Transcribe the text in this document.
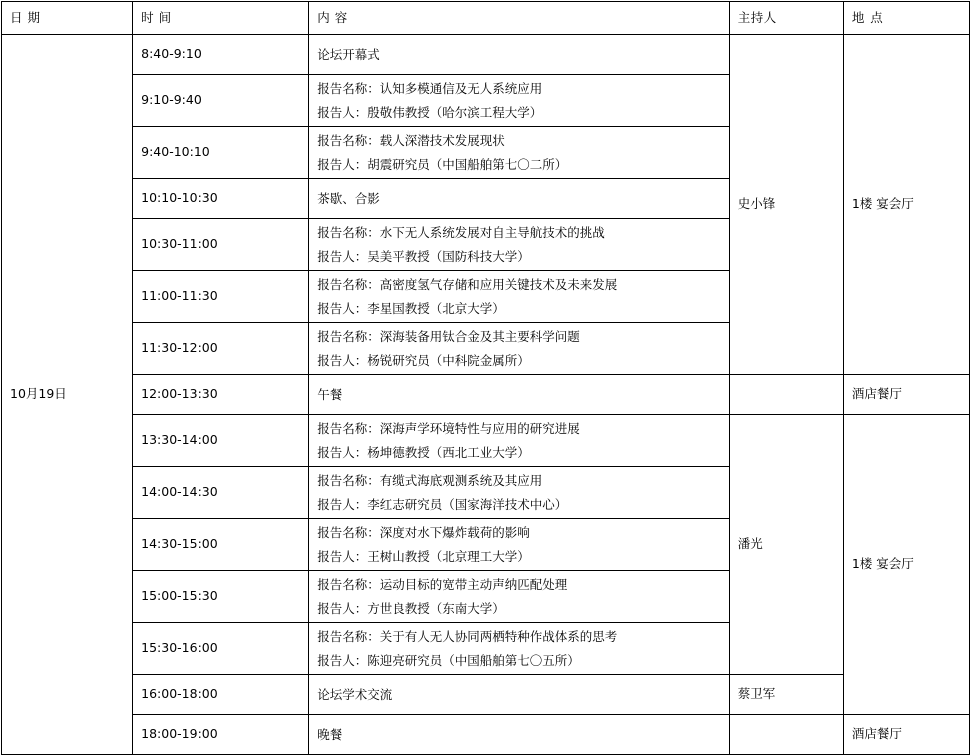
日 期	时 间	内 容	主持人	地 点
10月19日	8:40-9:10	论坛开幕式	史小锋	1楼 宴会厅
	9:10-9:40	报告名称：认知多模通信及无人系统应用
报告人：殷敬伟教授（哈尔滨工程大学）		

	9:40-10:10	报告名称：载人深潜技术发展现状
报告人：胡震研究员（中国船舶第七〇二所）		

	10:10-10:30	茶歇、合影		

	10:30-11:00	报告名称：水下无人系统发展对自主导航技术的挑战
报告人：吴美平教授（国防科技大学）		

	11:00-11:30	报告名称：高密度氢气存储和应用关键技术及未来发展
报告人：李星国教授（北京大学）		

	11:30-12:00	报告名称：深海装备用钛合金及其主要科学问题
报告人：杨锐研究员（中科院金属所）		

	12:00-13:30	午餐		酒店餐厅
	13:30-14:00	报告名称：深海声学环境特性与应用的研究进展
报告人：杨坤德教授（西北工业大学）	潘光	1楼 宴会厅
	14:00-14:30	报告名称：有缆式海底观测系统及其应用
报告人：李红志研究员（国家海洋技术中心）		

	14:30-15:00	报告名称：深度对水下爆炸载荷的影响
报告人：王树山教授（北京理工大学）		

	15:00-15:30	报告名称：运动目标的宽带主动声纳匹配处理
报告人：方世良教授（东南大学）		

	15:30-16:00	报告名称：关于有人无人协同两栖特种作战体系的思考
报告人：陈迎亮研究员（中国船舶第七〇五所）		

	16:00-18:00	论坛学术交流	蔡卫军	
	18:00-19:00	晚餐		酒店餐厅
